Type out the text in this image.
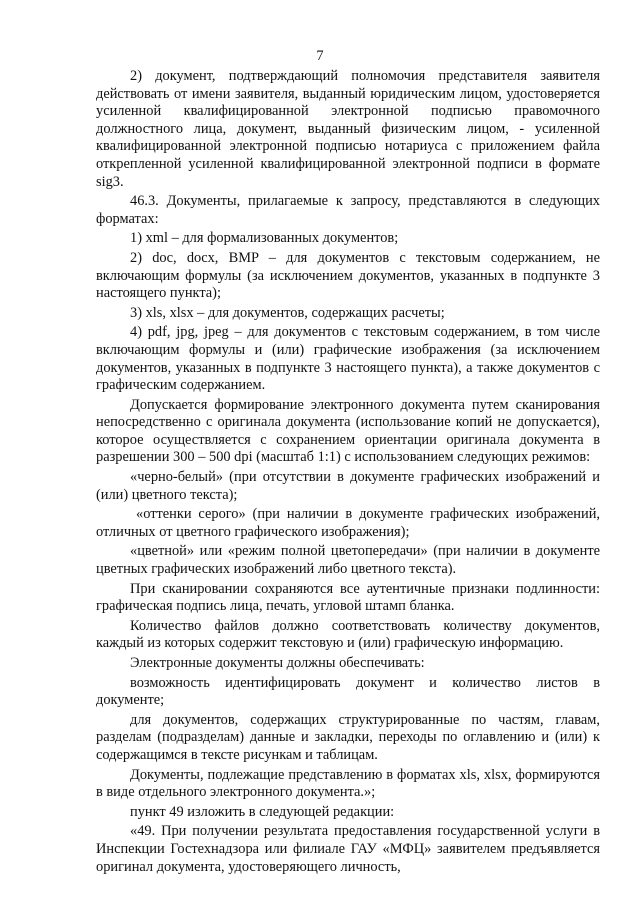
7

2) документ, подтверждающий полномочия представителя заявителя действовать от имени заявителя, выданный юридическим лицом, удостоверяется усиленной квалифицированной электронной подписью правомочного должностного лица, документ, выданный физическим лицом, - усиленной квалифицированной электронной подписью нотариуса с приложением файла открепленной усиленной квалифицированной электронной подписи в формате sig3.

46.3. Документы, прилагаемые к запросу, представляются в следующих форматах:

1) xml – для формализованных документов;

2) doc, docx, BMP – для документов с текстовым содержанием, не включающим формулы (за исключением документов, указанных в подпункте 3 настоящего пункта);

3) xls, xlsx – для документов, содержащих расчеты;

4) pdf, jpg, jpeg – для документов с текстовым содержанием, в том числе включающим формулы и (или) графические изображения (за исключением документов, указанных в подпункте 3 настоящего пункта), а также документов с графическим содержанием.

Допускается формирование электронного документа путем сканирования непосредственно с оригинала документа (использование копий не допускается), которое осуществляется с сохранением ориентации оригинала документа в разрешении 300 – 500 dpi (масштаб 1:1) с использованием следующих режимов:

«черно-белый» (при отсутствии в документе графических изображений и (или) цветного текста);

«оттенки серого» (при наличии в документе графических изображений, отличных от цветного графического изображения);

«цветной» или «режим полной цветопередачи» (при наличии в документе цветных графических изображений либо цветного текста).

При сканировании сохраняются все аутентичные признаки подлинности: графическая подпись лица, печать, угловой штамп бланка.

Количество файлов должно соответствовать количеству документов, каждый из которых содержит текстовую и (или) графическую информацию.

Электронные документы должны обеспечивать:

возможность идентифицировать документ и количество листов в документе;

для документов, содержащих структурированные по частям, главам, разделам (подразделам) данные и закладки, переходы по оглавлению и (или) к содержащимся в тексте рисункам и таблицам.

Документы, подлежащие представлению в форматах xls, xlsx, формируются в виде отдельного электронного документа.»;

пункт 49 изложить в следующей редакции:

«49. При получении результата предоставления государственной услуги в Инспекции Гостехнадзора или филиале ГАУ «МФЦ» заявителем предъявляется оригинал документа, удостоверяющего личность,
